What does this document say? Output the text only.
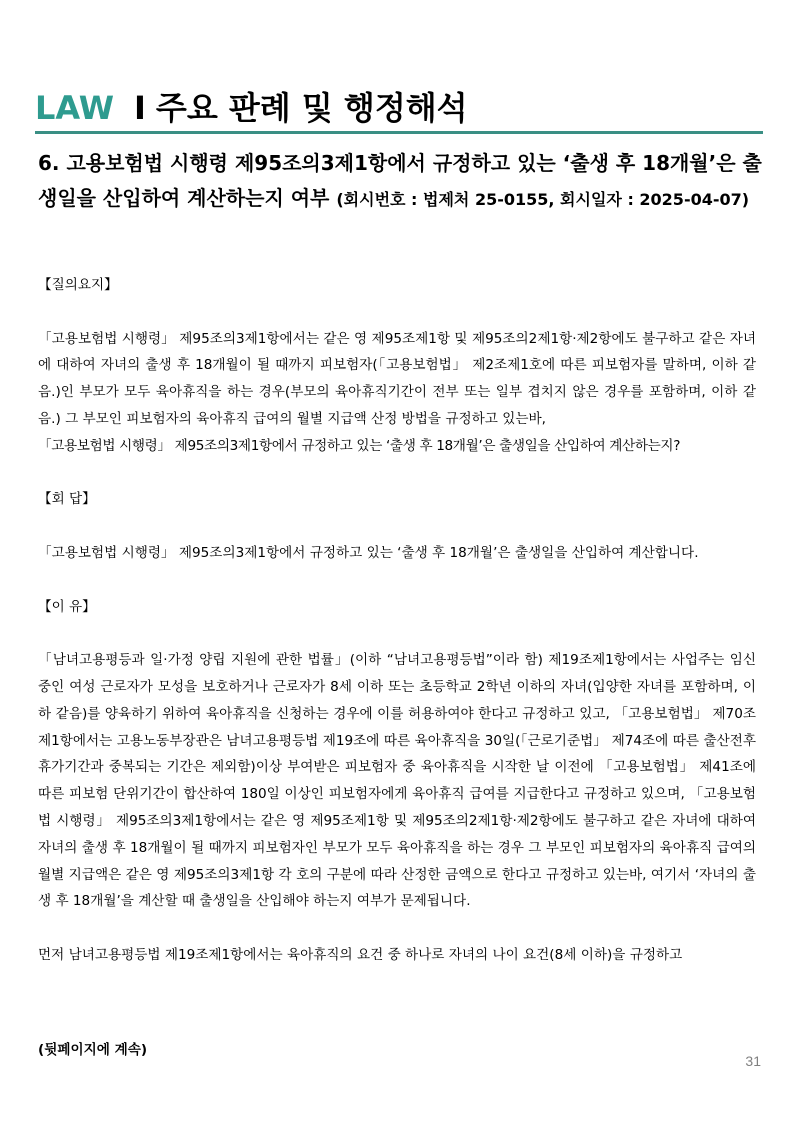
LAW I 주요 판례 및 행정해석
6. 고용보험법 시행령 제95조의3제1항에서 규정하고 있는 ‘출생 후 18개월’은 출생일을 산입하여 계산하는지 여부 (회시번호 : 법제처 25-0155, 회시일자 : 2025-04-07)

【질의요지】

「고용보험법 시행령」 제95조의3제1항에서는 같은 영 제95조제1항 및 제95조의2제1항·제2항에도 불구하고 같은 자녀에 대하여 자녀의 출생 후 18개월이 될 때까지 피보험자(「고용보험법」 제2조제1호에 따른 피보험자를 말하며, 이하 같음.)인 부모가 모두 육아휴직을 하는 경우(부모의 육아휴직기간이 전부 또는 일부 겹치지 않은 경우를 포함하며, 이하 같음.) 그 부모인 피보험자의 육아휴직 급여의 월별 지급액 산정 방법을 규정하고 있는바,

「고용보험법 시행령」 제95조의3제1항에서 규정하고 있는 ‘출생 후 18개월’은 출생일을 산입하여 계산하는지?

【회 답】

「고용보험법 시행령」 제95조의3제1항에서 규정하고 있는 ‘출생 후 18개월’은 출생일을 산입하여 계산합니다.

【이 유】

「남녀고용평등과 일·가정 양립 지원에 관한 법률」(이하 “남녀고용평등법”이라 함) 제19조제1항에서는 사업주는 임신 중인 여성 근로자가 모성을 보호하거나 근로자가 8세 이하 또는 초등학교 2학년 이하의 자녀(입양한 자녀를 포함하며, 이하 같음)를 양육하기 위하여 육아휴직을 신청하는 경우에 이를 허용하여야 한다고 규정하고 있고, 「고용보험법」 제70조제1항에서는 고용노동부장관은 남녀고용평등법 제19조에 따른 육아휴직을 30일(「근로기준법」 제74조에 따른 출산전후휴가기간과 중복되는 기간은 제외함)이상 부여받은 피보험자 중 육아휴직을 시작한 날 이전에 「고용보험법」 제41조에 따른 피보험 단위기간이 합산하여 180일 이상인 피보험자에게 육아휴직 급여를 지급한다고 규정하고 있으며, 「고용보험법 시행령」 제95조의3제1항에서는 같은 영 제95조제1항 및 제95조의2제1항·제2항에도 불구하고 같은 자녀에 대하여 자녀의 출생 후 18개월이 될 때까지 피보험자인 부모가 모두 육아휴직을 하는 경우 그 부모인 피보험자의 육아휴직 급여의 월별 지급액은 같은 영 제95조의3제1항 각 호의 구분에 따라 산정한 금액으로 한다고 규정하고 있는바, 여기서 ‘자녀의 출생 후 18개월’을 계산할 때 출생일을 산입해야 하는지 여부가 문제됩니다.

먼저 남녀고용평등법 제19조제1항에서는 육아휴직의 요건 중 하나로 자녀의 나이 요건(8세 이하)을 규정하고

(뒷페이지에 계속)
31
